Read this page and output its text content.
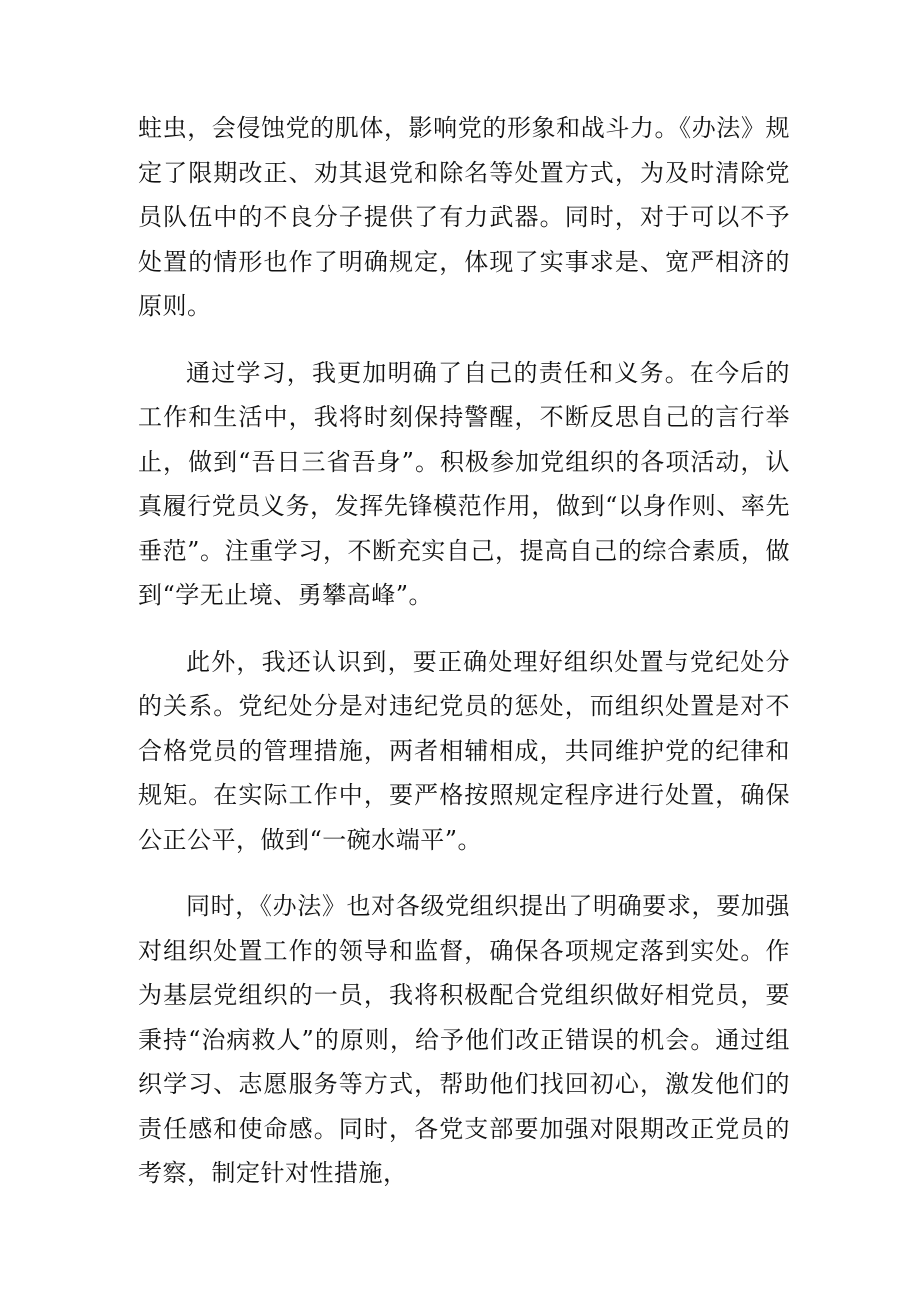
蛀虫，会侵蚀党的肌体，影响党的形象和战斗力。《办法》规定了限期改正、劝其退党和除名等处置方式，为及时清除党员队伍中的不良分子提供了有力武器。同时，对于可以不予处置的情形也作了明确规定，体现了实事求是、宽严相济的原则。

通过学习，我更加明确了自己的责任和义务。在今后的工作和生活中，我将时刻保持警醒，不断反思自己的言行举止，做到“吾日三省吾身”。积极参加党组织的各项活动，认真履行党员义务，发挥先锋模范作用，做到“以身作则、率先垂范”。注重学习，不断充实自己，提高自己的综合素质，做到“学无止境、勇攀高峰”。

此外，我还认识到，要正确处理好组织处置与党纪处分的关系。党纪处分是对违纪党员的惩处，而组织处置是对不合格党员的管理措施，两者相辅相成，共同维护党的纪律和规矩。在实际工作中，要严格按照规定程序进行处置，确保公正公平，做到“一碗水端平”。

同时，《办法》也对各级党组织提出了明确要求，要加强对组织处置工作的领导和监督，确保各项规定落到实处。作为基层党组织的一员，我将积极配合党组织做好相党员，要秉持“治病救人”的原则，给予他们改正错误的机会。通过组织学习、志愿服务等方式，帮助他们找回初心，激发他们的责任感和使命感。同时，各党支部要加强对限期改正党员的考察，制定针对性措施，
